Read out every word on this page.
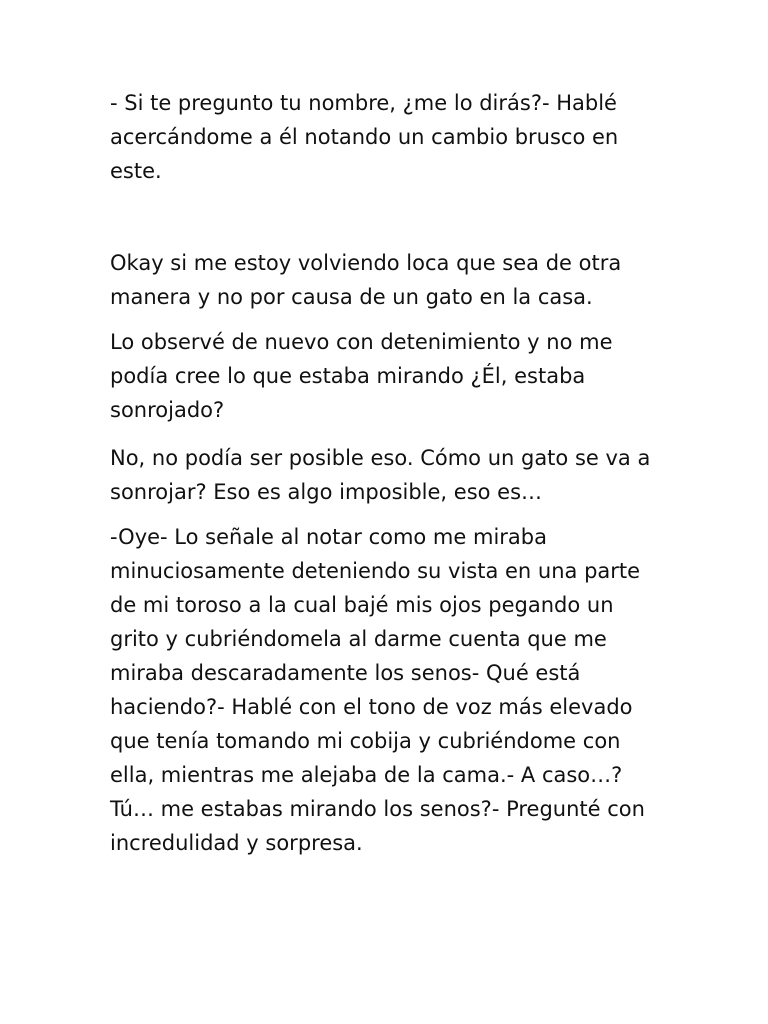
- Si te pregunto tu nombre, ¿me lo dirás?- Hablé
acercándome a él notando un cambio brusco en
este.

Okay si me estoy volviendo loca que sea de otra
manera y no por causa de un gato en la casa.

Lo observé de nuevo con detenimiento y no me
podía cree lo que estaba mirando ¿Él, estaba
sonrojado?

No, no podía ser posible eso. Cómo un gato se va a
sonrojar? Eso es algo imposible, eso es…

-Oye- Lo señale al notar como me miraba
minuciosamente deteniendo su vista en una parte
de mi toroso a la cual bajé mis ojos pegando un
grito y cubriéndomela al darme cuenta que me
miraba descaradamente los senos- Qué está
haciendo?- Hablé con el tono de voz más elevado
que tenía tomando mi cobija y cubriéndome con
ella, mientras me alejaba de la cama.- A caso…?
Tú… me estabas mirando los senos?- Pregunté con
incredulidad y sorpresa.
